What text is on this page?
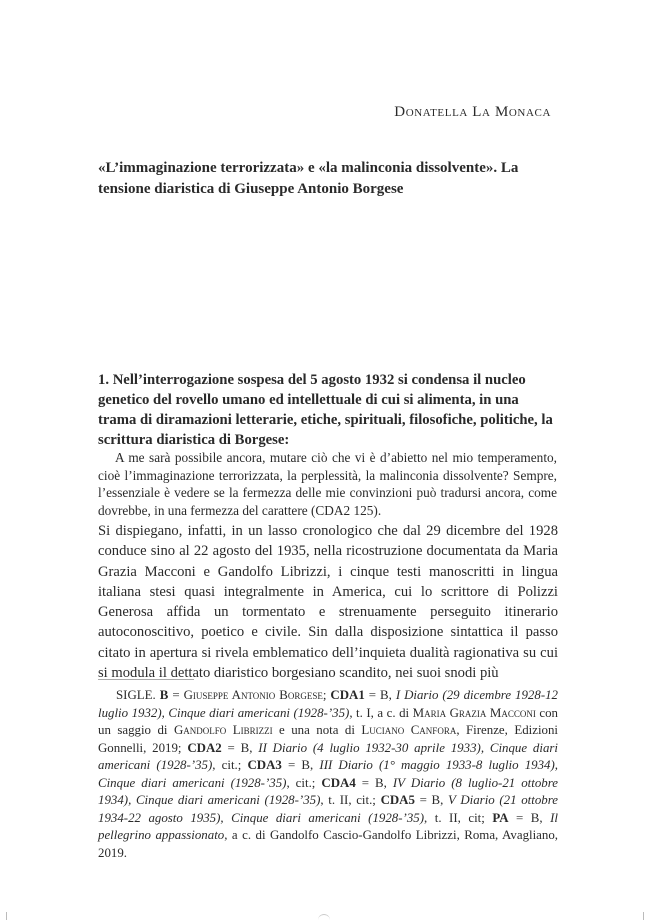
Donatella La Monaca
«L’immaginazione terrorizzata» e «la malinconia dissolvente». La tensione diaristica di Giuseppe Antonio Borgese
1. Nell’interrogazione sospesa del 5 agosto 1932 si condensa il nucleo genetico del rovello umano ed intellettuale di cui si alimenta, in una trama di diramazioni letterarie, etiche, spirituali, filosofiche, politiche, la scrittura diaristica di Borgese:

A me sarà possibile ancora, mutare ciò che vi è d’abietto nel mio temperamento, cioè l’immaginazione terrorizzata, la perplessità, la malinconia dissolvente? Sempre, l’essenziale è vedere se la fermezza delle mie convinzioni può tradursi ancora, come dovrebbe, in una fermezza del carattere (CDA2 125).

Si dispiegano, infatti, in un lasso cronologico che dal 29 dicembre del 1928 conduce sino al 22 agosto del 1935, nella ricostruzione documentata da Maria Grazia Macconi e Gandolfo Librizzi, i cinque testi manoscritti in lingua italiana stesi quasi integralmente in America, cui lo scrittore di Polizzi Generosa affida un tormentato e strenuamente perseguito itinerario autoconoscitivo, poetico e civile. Sin dalla disposizione sintattica il passo citato in apertura si rivela emblematico dell’inquieta dualità ragionativa su cui si modula il dettato diaristico borgesiano scandito, nei suoi snodi più

SIGLE. B = Giuseppe Antonio Borgese; CDA1 = B, I Diario (29 dicembre 1928-12 luglio 1932), Cinque diari americani (1928-’35), t. I, a c. di Maria Grazia Macconi con un saggio di Gandolfo Librizzi e una nota di Luciano Canfora, Firenze, Edizioni Gonnelli, 2019; CDA2 = B, II Diario (4 luglio 1932-30 aprile 1933), Cinque diari americani (1928-’35), cit.; CDA3 = B, III Diario (1° maggio 1933-8 luglio 1934), Cinque diari americani (1928-’35), cit.; CDA4 = B, IV Diario (8 luglio-21 ottobre 1934), Cinque diari americani (1928-’35), t. II, cit.; CDA5 = B, V Diario (21 ottobre 1934-22 agosto 1935), Cinque diari americani (1928-’35), t. II, cit; PA = B, Il pellegrino appassionato, a c. di Gandolfo Cascio-Gandolfo Librizzi, Roma, Avagliano, 2019.
